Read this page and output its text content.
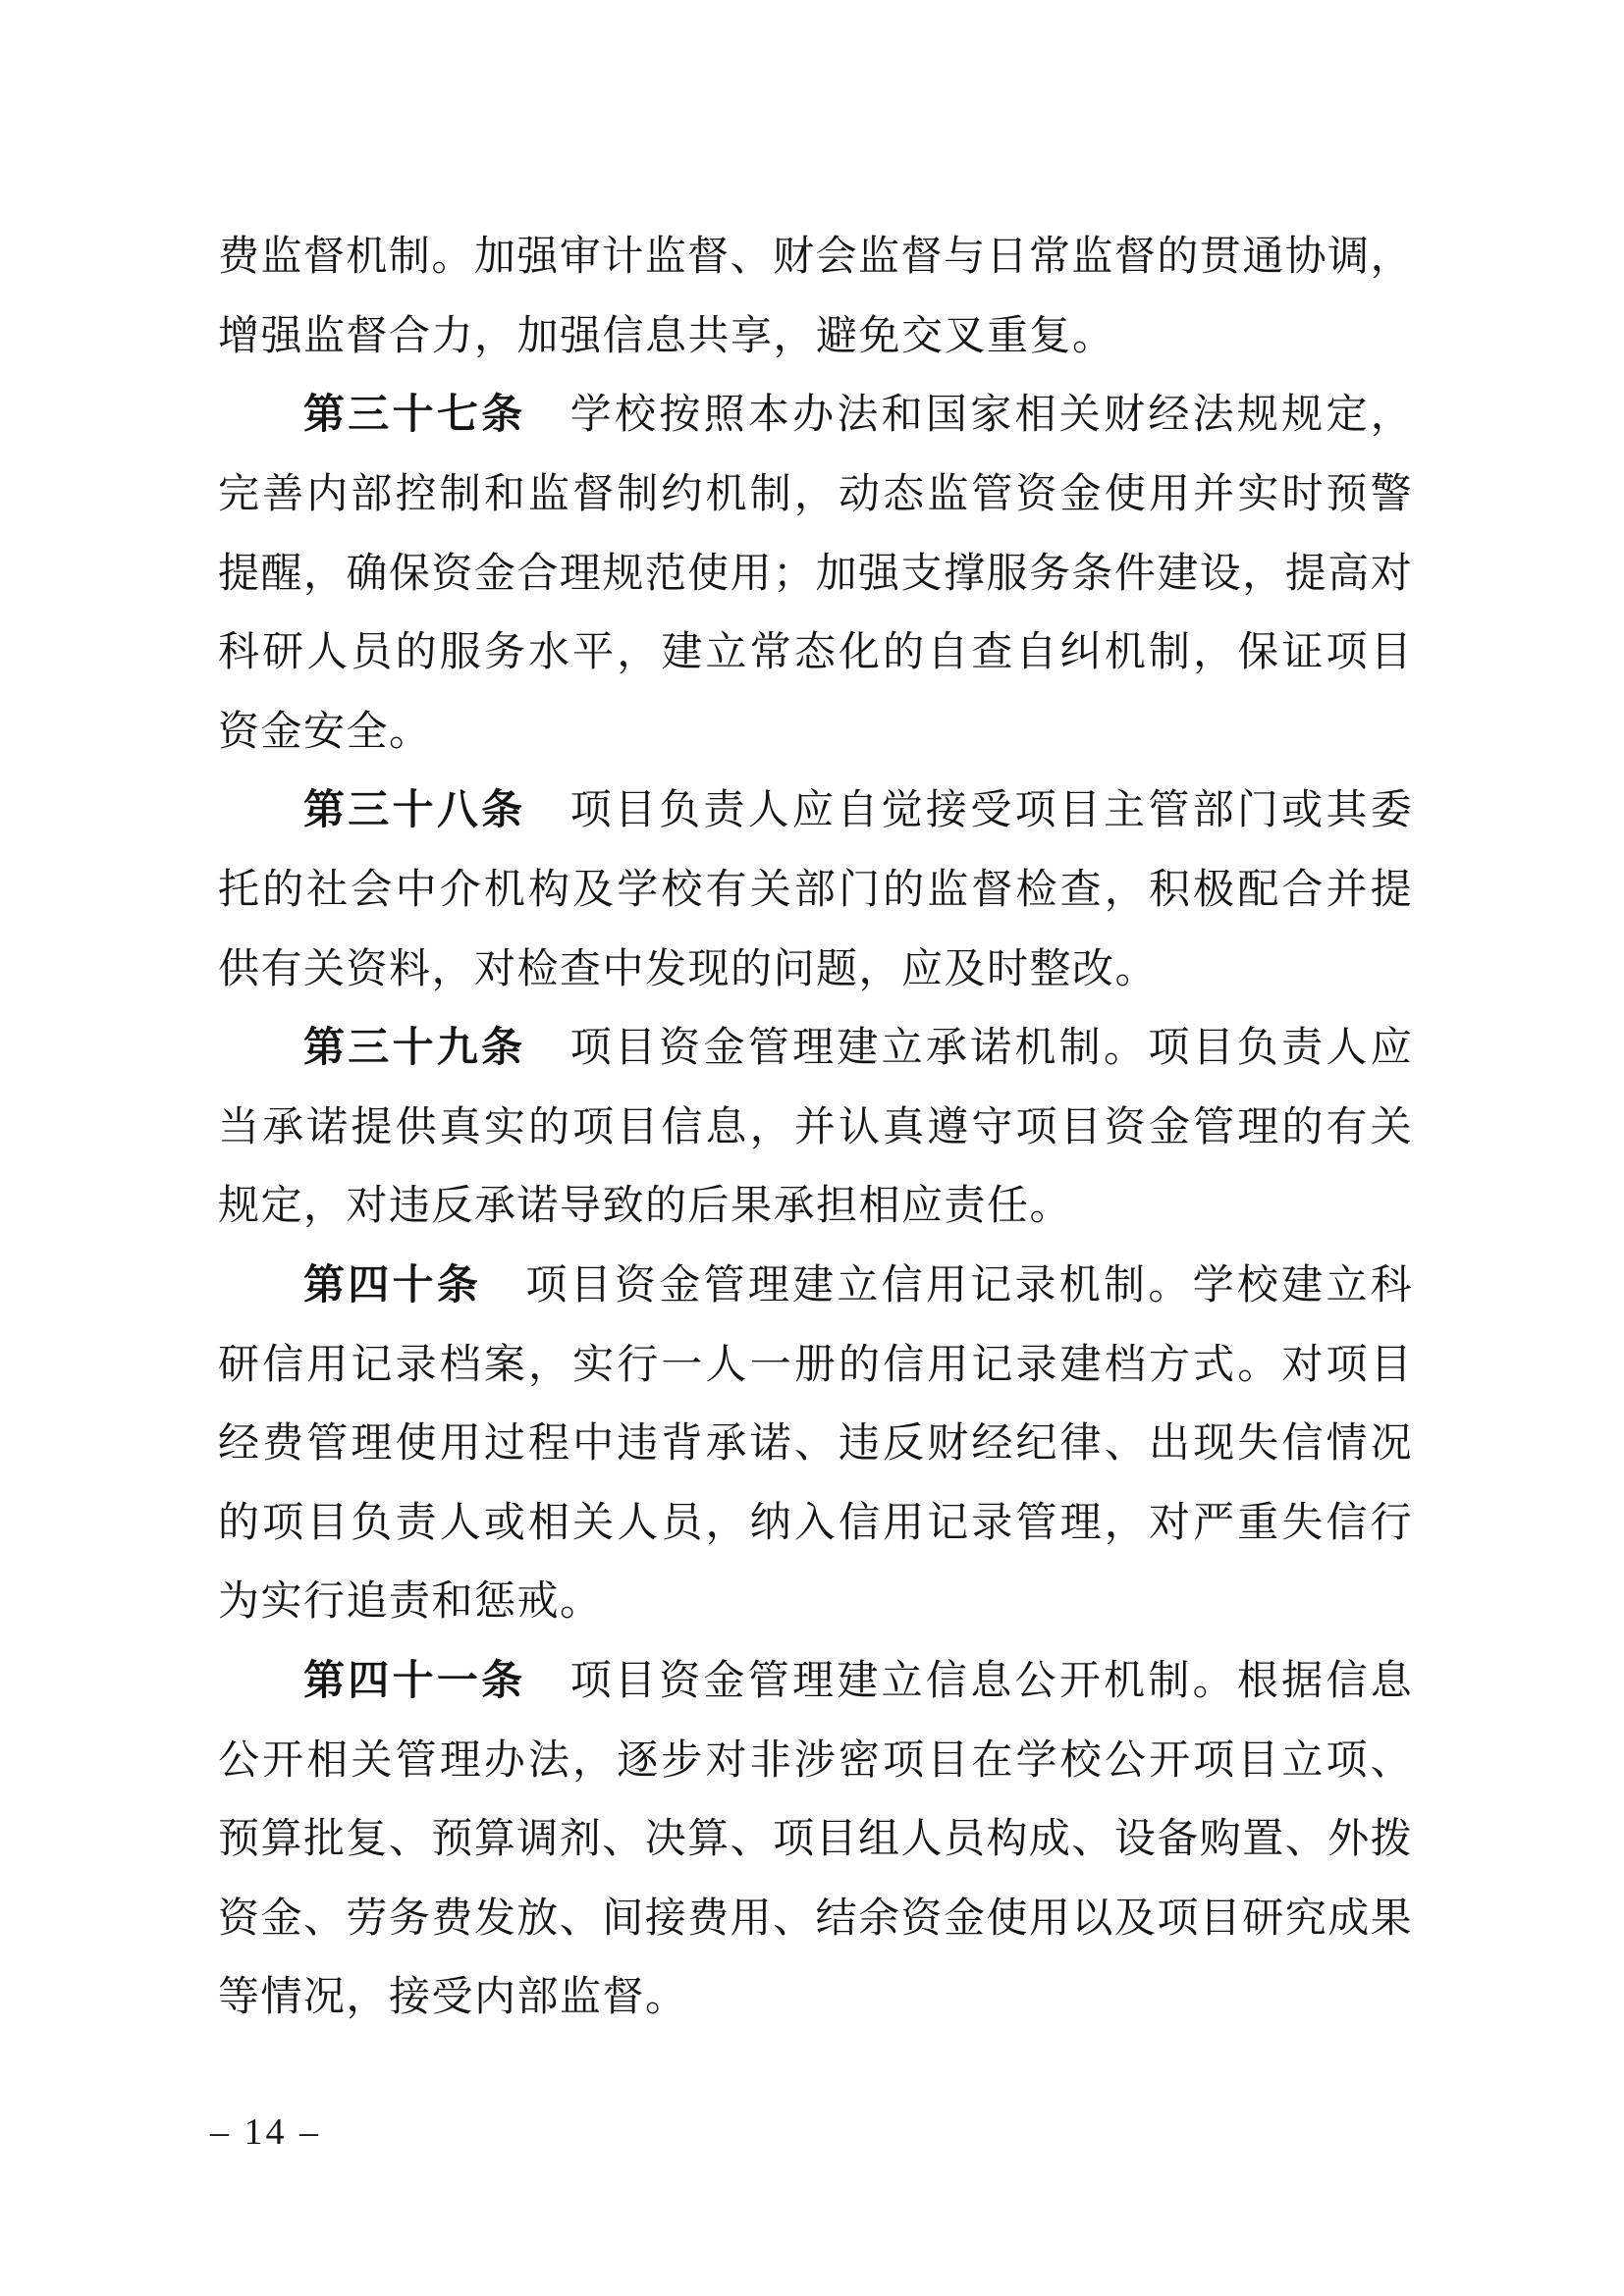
费 监 督 机 制 。 加 强 审 计 监 督 、 财 会 监 督 与 日 常 监 督 的 贯 通 协 调 ，
增 强 监 督 合 力 ， 加 强 信 息 共 享 ， 避 免 交 叉 重 复 。
第 三 十 七 条 学 校 按 照 本 办 法 和 国 家 相 关 财 经 法 规 规 定 ，
完 善 内 部 控 制 和 监 督 制 约 机 制 ， 动 态 监 管 资 金 使 用 并 实 时 预 警
提 醒 ， 确 保 资 金 合 理 规 范 使 用 ； 加 强 支 撑 服 务 条 件 建 设 ， 提 高 对
科 研 人 员 的 服 务 水 平 ， 建 立 常 态 化 的 自 查 自 纠 机 制 ， 保 证 项 目
资 金 安 全 。
第 三 十 八 条 项 目 负 责 人 应 自 觉 接 受 项 目 主 管 部 门 或 其 委
托 的 社 会 中 介 机 构 及 学 校 有 关 部 门 的 监 督 检 查 ， 积 极 配 合 并 提
供 有 关 资 料 ， 对 检 查 中 发 现 的 问 题 ， 应 及 时 整 改 。
第 三 十 九 条 项 目 资 金 管 理 建 立 承 诺 机 制 。 项 目 负 责 人 应
当 承 诺 提 供 真 实 的 项 目 信 息 ， 并 认 真 遵 守 项 目 资 金 管 理 的 有 关
规 定 ， 对 违 反 承 诺 导 致 的 后 果 承 担 相 应 责 任 。
第 四 十 条 项 目 资 金 管 理 建 立 信 用 记 录 机 制 。 学 校 建 立 科
研 信 用 记 录 档 案 ， 实 行 一 人 一 册 的 信 用 记 录 建 档 方 式 。 对 项 目
经 费 管 理 使 用 过 程 中 违 背 承 诺 、 违 反 财 经 纪 律 、 出 现 失 信 情 况
的 项 目 负 责 人 或 相 关 人 员 ， 纳 入 信 用 记 录 管 理 ， 对 严 重 失 信 行
为 实 行 追 责 和 惩 戒 。
第 四 十 一 条 项 目 资 金 管 理 建 立 信 息 公 开 机 制 。 根 据 信 息
公 开 相 关 管 理 办 法 ， 逐 步 对 非 涉 密 项 目 在 学 校 公 开 项 目 立 项 、
预 算 批 复 、 预 算 调 剂 、 决 算 、 项 目 组 人 员 构 成 、 设 备 购 置 、 外 拨
资 金 、 劳 务 费 发 放 、 间 接 费 用 、 结 余 资 金 使 用 以 及 项 目 研 究 成 果
等 情 况 ， 接 受 内 部 监 督 。
– 14 –
